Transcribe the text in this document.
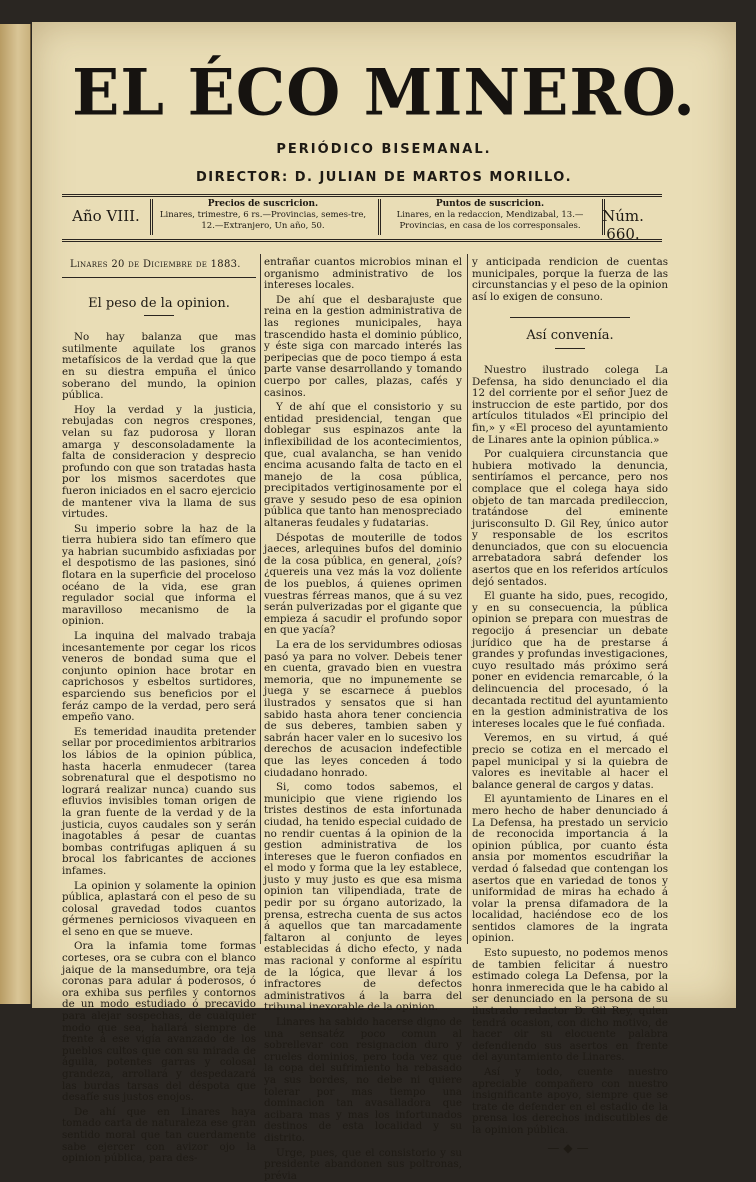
EL ÉCO MINERO.
PERIÓDICO BISEMANAL.
DIRECTOR: D. JULIAN DE MARTOS MORILLO.
Año VIII.
Precios de suscricion.
Linares, trimestre, 6 rs.—Provincias, semes-tre, 12.—Extranjero, Un año, 50.
Puntos de suscricion.
Linares, en la redaccion, Mendizabal, 13.—Provincias, en casa de los corresponsales.
Núm. 660.
Linares 20 de Diciembre de 1883.
El peso de la opinion.

No hay balanza que mas sutilmente aquilate los granos metafísicos de la verdad que la que en su diestra empuña el único soberano del mundo, la opinion pública.

Hoy la verdad y la justicia, rebujadas con negros crespones, velan su faz pudorosa y lloran amarga y desconsoladamente la falta de consideracion y desprecio profundo con que son tratadas hasta por los mismos sacerdotes que fueron iniciados en el sacro ejercicio de mantener viva la llama de sus virtudes.

Su imperio sobre la haz de la tierra hubiera sido tan efímero que ya habrian sucumbido asfixiadas por el despotismo de las pasiones, sinó flotara en la superficie del proceloso océano de la vida, ese gran regulador social que informa el maravilloso mecanismo de la opinion.

La inquina del malvado trabaja incesantemente por cegar los ricos veneros de bondad suma que el conjunto opinion hace brotar en caprichosos y esbeltos surtidores, esparciendo sus beneficios por el feráz campo de la verdad, pero será empeño vano.

Es temeridad inaudita pretender sellar por procedimientos arbitrarios los lábios de la opinion pública, hasta hacerla enmudecer (tarea sobrenatural que el despotismo no logrará realizar nunca) cuando sus efluvios invisibles toman origen de la gran fuente de la verdad y de la justicia, cuyos caudales son y serán inagotables á pesar de cuantas bombas contrifugas apliquen á su brocal los fabricantes de acciones infames.

La opinion y solamente la opinion pública, aplastará con el peso de su colosal gravedad todos cuantos gérmenes perniciosos vivaqueen en el seno en que se mueve.

Ora la infamia tome formas corteses, ora se cubra con el blanco jaique de la mansedumbre, ora teja coronas para adular á poderosos, ó ora exhiba sus perfiles y contornos de un modo estudiado ó precavido para alejar sospechas, de cualquier modo que sea, hallará siempre de frente á ese vigía avanzado de los pueblos cultos que con su mirada de águila, potentes garras y colosal grandeza, arrollará y despedazará las burdas tarsas del déspota que desafíe sus justos enojos.

De ahí que en Linares haya tomado carta de naturaleza ese gran sentido moral que tan cuerdamente sabe ejercer con avizor ojo la opinion pública, para des-

entrañar cuantos microbios minan el organismo administrativo de los intereses locales.

De ahí que el desbarajuste que reina en la gestion administrativa de las regiones municipales, haya trascendido hasta el dominio público, y éste siga con marcado interés las peripecias que de poco tiempo á esta parte vanse desarrollando y tomando cuerpo por calles, plazas, cafés y casinos.

Y de ahí que el consistorio y su entidad presidencial, tengan que doblegar sus espinazos ante la inflexibilidad de los acontecimientos, que, cual avalancha, se han venido encima acusando falta de tacto en el manejo de la cosa pública, precipitados vertiginosamente por el grave y sesudo peso de esa opinion pública que tanto han menospreciado altaneras feudales y fudatarias.

Déspotas de mouterille de todos jaeces, arlequines bufos del dominio de la cosa pública, en general, ¿oís? ¿quereis una vez más la voz doliente de los pueblos, á quienes oprimen vuestras férreas manos, que á su vez serán pulverizadas por el gigante que empieza á sacudir el profundo sopor en que yacía?

La era de los servidumbres odiosas pasó ya para no volver. Debeis tener en cuenta, gravado bien en vuestra memoria, que no impunemente se juega y se escarnece á pueblos ilustrados y sensatos que si han sabido hasta ahora tener conciencia de sus deberes, tambien saben y sabrán hacer valer en lo sucesivo los derechos de acusacion indefectible que las leyes conceden á todo ciudadano honrado.

Si, como todos sabemos, el municipio que viene rigiendo los tristes destinos de esta infortunada ciudad, ha tenido especial cuidado de no rendir cuentas á la opinion de la gestion administrativa de los intereses que le fueron confiados en el modo y forma que la ley establece, justo y muy justo es que esa misma opinion tan vilipendiada, trate de pedir por su órgano autorizado, la prensa, estrecha cuenta de sus actos á aquellos que tan marcadamente faltaron al conjunto de leyes establecidas á dicho efecto, y nada mas racional y conforme al espíritu de la lógica, que llevar á los infractores de defectos administrativos á la barra del tribunal inexorable de la opinion.

Linares ha sabido hacerse digno de una sensatéz poco comun al sobrellevar con resignacion duro y crueles dominios, pero toda vez que la copa del sufrimiento ha rebasado ya sus bordes, no debe ni quiere tolerar por mas tiempo una dominacion tan avasalladora que acibara mas y mas los infortunados destinos de esta localidad y su distrito.

Urge, pues, que el consistorio y su presidente abandonen sus poltronas, prévia

y anticipada rendicion de cuentas municipales, porque la fuerza de las circunstancias y el peso de la opinion así lo exigen de consuno.

Así convenía.

Nuestro ilustrado colega La Defensa, ha sido denunciado el dia 12 del corriente por el señor Juez de instruccion de este partido, por dos artículos titulados «El principio del fin,» y «El proceso del ayuntamiento de Linares ante la opinion pública.»

Por cualquiera circunstancia que hubiera motivado la denuncia, sentiríamos el percance, pero nos complace que el colega haya sido objeto de tan marcada predileccion, tratándose del eminente jurisconsulto D. Gil Rey, único autor y responsable de los escritos denunciados, que con su elocuencia arrebatadora sabrá defender los asertos que en los referidos artículos dejó sentados.

El guante ha sido, pues, recogido, y en su consecuencia, la pública opinion se prepara con muestras de regocijo á presenciar un debate jurídico que ha de prestarse á grandes y profundas investigaciones, cuyo resultado más próximo será poner en evidencia remarcable, ó la delincuencia del procesado, ó la decantada rectitud del ayuntamiento en la gestion administrativa de los intereses locales que le fué confiada.

Veremos, en su virtud, á qué precio se cotiza en el mercado el papel municipal y si la quiebra de valores es inevitable al hacer el balance general de cargos y datas.

El ayuntamiento de Linares en el mero hecho de haber denunciado á La Defensa, ha prestado un servicio de reconocida importancia á la opinion pública, por cuanto ésta ansia por momentos escudriñar la verdad ó falsedad que contengan los asertos que en variedad de tonos y uniformidad de miras ha echado á volar la prensa difamadora de la localidad, haciéndose eco de los sentidos clamores de la ingrata opinion.

Esto supuesto, no podemos menos de tambien felicitar á nuestro estimado colega La Defensa, por la honra inmerecida que le ha cabido al ser denunciado en la persona de su ilustrado redactor D. Gil Rey, quien tendrá ocasion, con dicho motivo, de hacer oir su elocuente palabra defendiendo sus asertos en frente del ayuntamiento de Linares.

Así y todo, cuente nuestro apreciable compañero con nuestro insignificante apoyo, siempre que se trate de defender en el estadio de la prensa los derechos indiscutibles de la opinion pública.

—◆—
